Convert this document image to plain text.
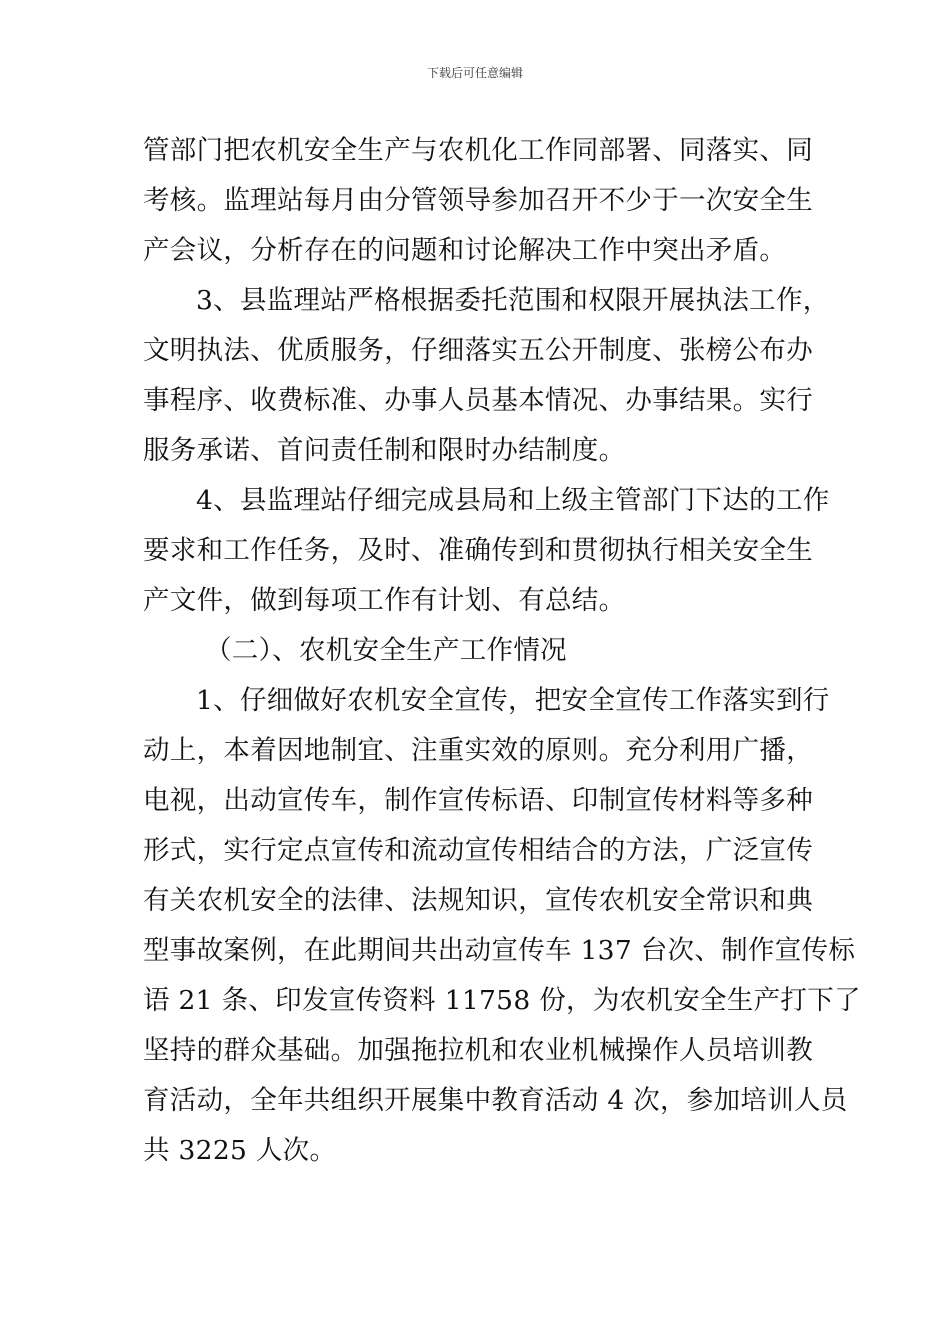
下载后可任意编辑

管部门把农机安全生产与农机化工作同部署、同落实、同
考核。监理站每月由分管领导参加召开不少于一次安全生
产会议，分析存在的问题和讨论解决工作中突出矛盾。

3、县监理站严格根据委托范围和权限开展执法工作，
文明执法、优质服务，仔细落实五公开制度、张榜公布办
事程序、收费标准、办事人员基本情况、办事结果。实行
服务承诺、首问责任制和限时办结制度。

4、县监理站仔细完成县局和上级主管部门下达的工作
要求和工作任务，及时、准确传到和贯彻执行相关安全生
产文件，做到每项工作有计划、有总结。

（二）、农机安全生产工作情况

1、仔细做好农机安全宣传，把安全宣传工作落实到行
动上，本着因地制宜、注重实效的原则。充分利用广播，
电视，出动宣传车，制作宣传标语、印制宣传材料等多种
形式，实行定点宣传和流动宣传相结合的方法，广泛宣传
有关农机安全的法律、法规知识，宣传农机安全常识和典
型事故案例，在此期间共出动宣传车 137 台次、制作宣传标
语 21 条、印发宣传资料 11758 份，为农机安全生产打下了
坚持的群众基础。加强拖拉机和农业机械操作人员培训教
育活动，全年共组织开展集中教育活动 4 次，参加培训人员
共 3225 人次。
